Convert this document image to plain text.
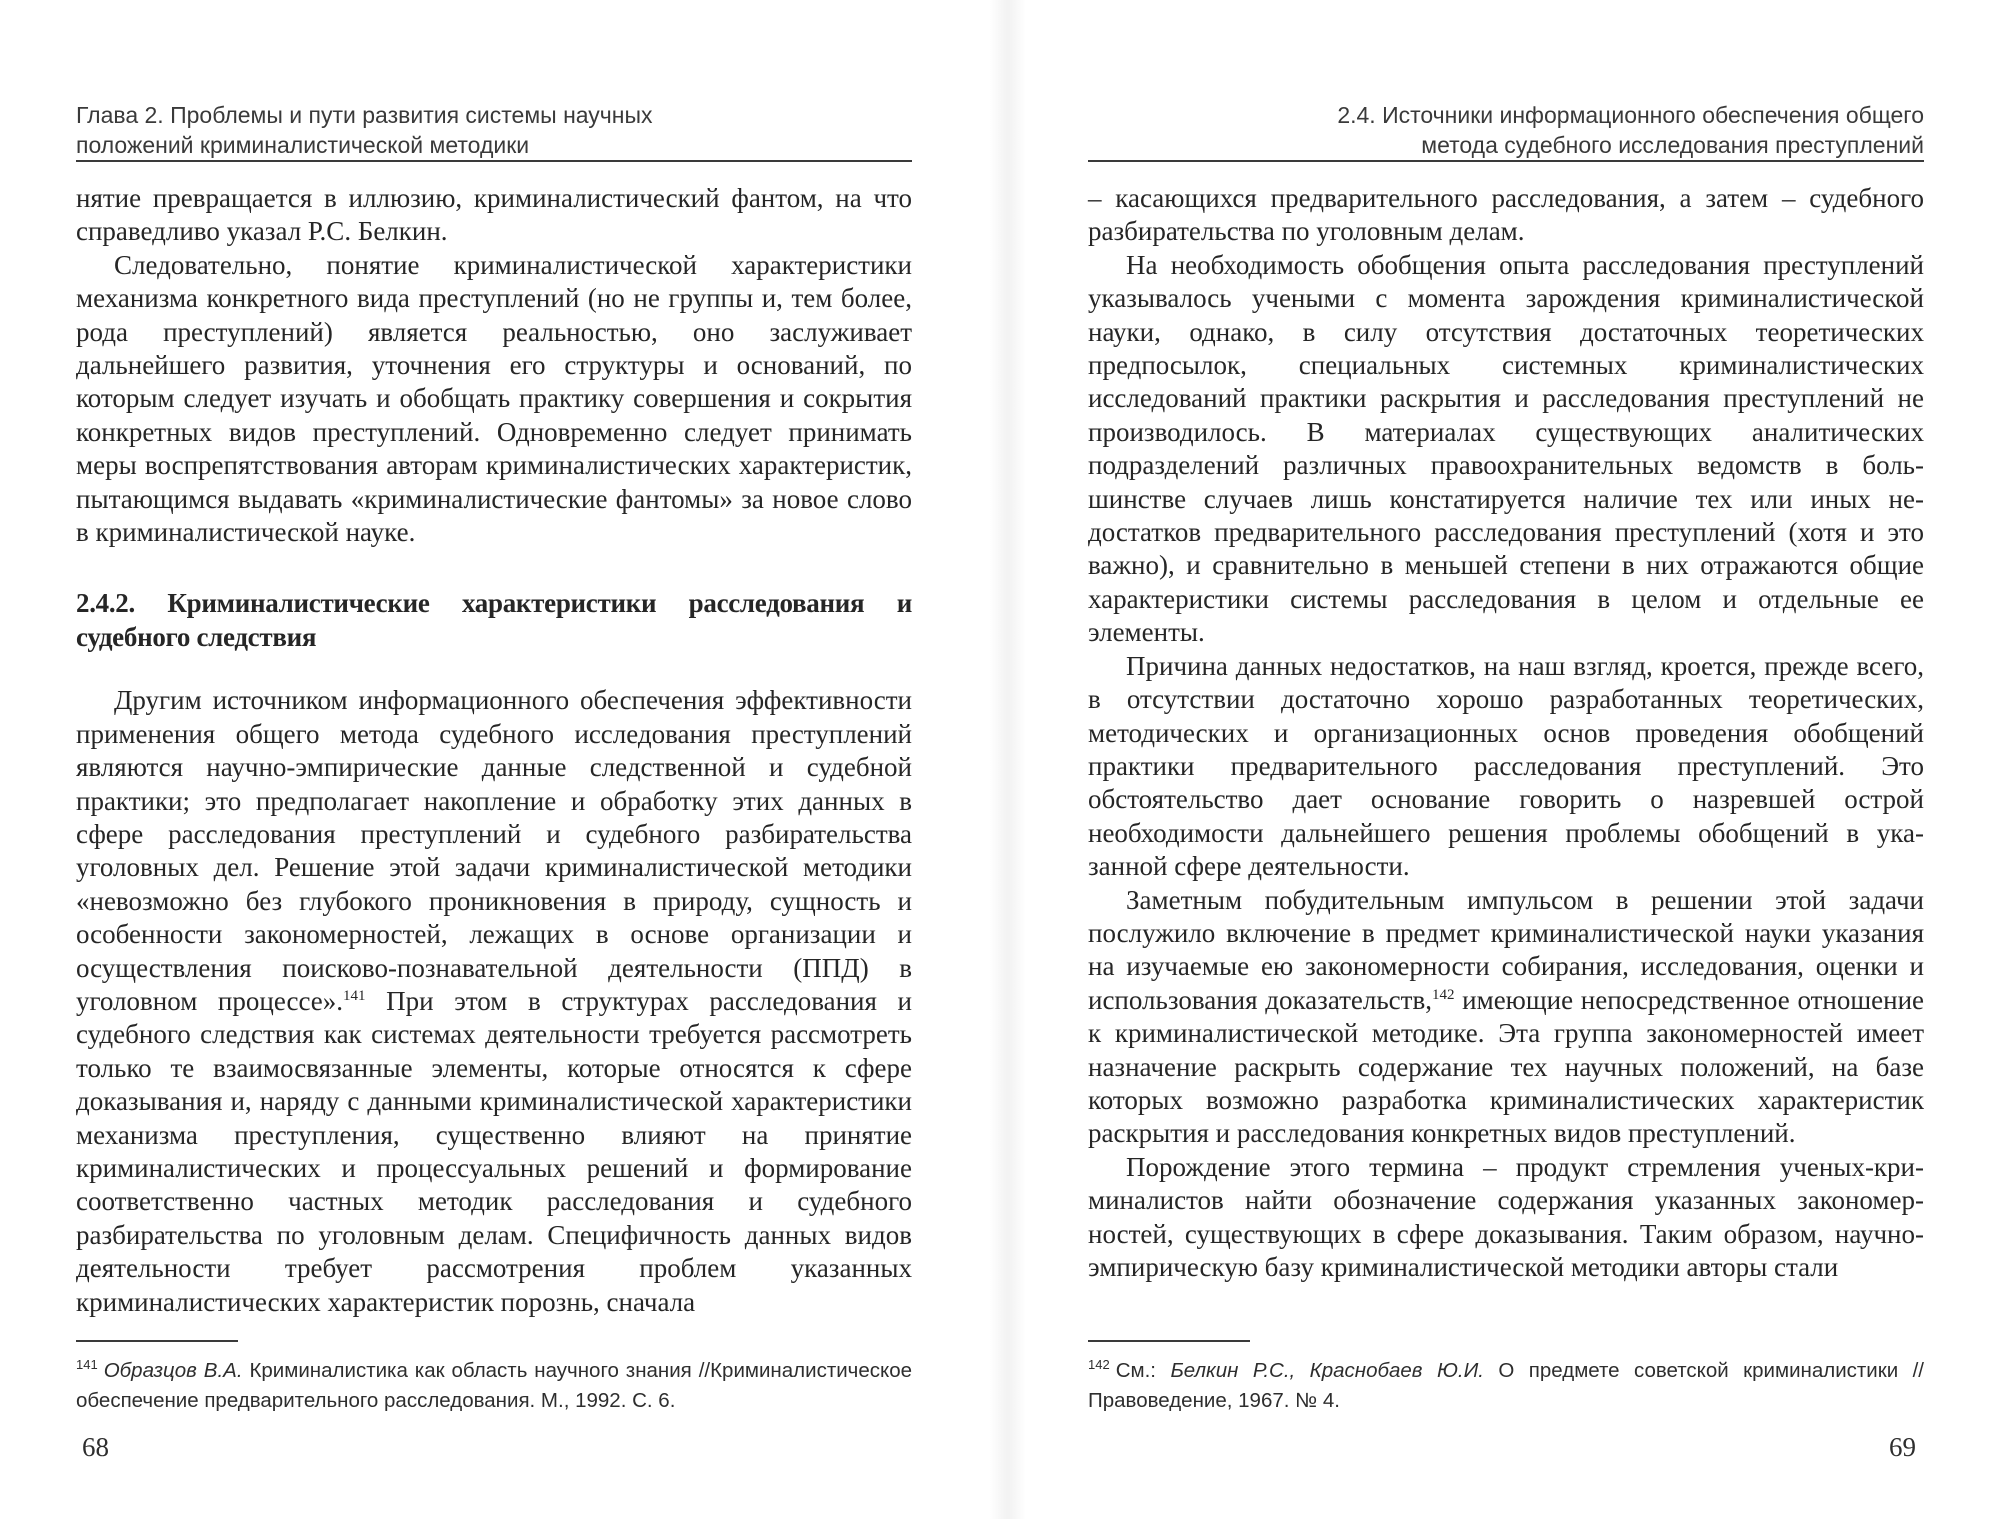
Глава 2. Проблемы и пути развития системы научных
положений криминалистической методики

нятие превращается в иллюзию, криминалистический фантом, на что справедливо указал Р.С. Белкин.

Следовательно, понятие криминалистической характеристики механизма конкретного вида преступлений (но не группы и, тем более, рода преступлений) является реальностью, оно заслуживает дальнейшего развития, уточнения его структуры и оснований, по которым следует изучать и обобщать практику совершения и сокрытия конкретных видов преступлений. Одновременно следует принимать меры воспрепятствования авторам криминалистических характеристик, пытающимся выдавать «криминалистические фантомы» за новое слово в криминалистической науке.

2.4.2. Криминалистические характеристики расследования и судебного следствия

Другим источником информационного обеспечения эффективности применения общего метода судебного исследования преступлений являются научно-эмпирические данные следственной и судебной практики; это предполагает накопление и обработку этих данных в сфере расследования преступлений и судебного разбирательства уголовных дел. Решение этой задачи криминалистической методики «невозможно без глубокого проникновения в природу, сущность и особенности закономерностей, лежащих в основе организации и осуществления поисково-познавательной деятельности (ППД) в уголовном процессе».$^{141}$ При этом в структурах расследования и судебного следствия как системах деятельности требуется рассмотреть только те взаимосвязанные элементы, которые относятся к сфере доказывания и, наряду с данными криминалистической характеристики механизма преступления, существенно влияют на принятие криминалистических и процессуальных решений и формирование соответственно частных методик расследования и судебного разбирательства по уголовным делам. Специфичность данных видов деятельности требует рассмотрения проблем указанных криминалистических характеристик порознь, сначала

$^{141}$ Образцов В.А. Криминалистика как область научного знания //Криминалистическое обеспечение предварительного расследования. М., 1992. С. 6.
68
2.4. Источники информационного обеспечения общего
метода судебного исследования преступлений

– касающихся предварительного расследования, а затем – судебного разбирательства по уголовным делам.

На необходимость обобщения опыта расследования преступлений указывалось учеными с момента зарождения криминалистической науки, однако, в силу отсутствия достаточных теоретических предпосылок, специальных системных криминалистических исследований практики раскрытия и расследования преступлений не производилось. В материалах существующих аналитических подразделений различных правоохранительных ведомств в большинстве случаев лишь констатируется наличие тех или иных недостатков предварительного расследования преступлений (хотя и это важно), и сравнительно в меньшей степени в них отражаются общие характеристики системы расследования в целом и отдельные ее элементы.

Причина данных недостатков, на наш взгляд, кроется, прежде всего, в отсутствии достаточно хорошо разработанных теоретических, методических и организационных основ проведения обобщений практики предварительного расследования преступлений. Это обстоятельство дает основание говорить о назревшей острой необходимости дальнейшего решения проблемы обобщений в указанной сфере деятельности.

Заметным побудительным импульсом в решении этой задачи послужило включение в предмет криминалистической науки указания на изучаемые ею закономерности собирания, исследования, оценки и использования доказательств,$^{142}$ имеющие непосредственное отношение к криминалистической методике. Эта группа закономерностей имеет назначение раскрыть содержание тех научных положений, на базе которых возможно разработка криминалистических характеристик раскрытия и расследования конкретных видов преступлений.

Порождение этого термина – продукт стремления ученых-криминалистов найти обозначение содержания указанных закономерностей, существующих в сфере доказывания. Таким образом, научно-эмпирическую базу криминалистической методики авторы стали

$^{142}$ См.: Белкин Р.С., Краснобаев Ю.И. О предмете советской криминалистики //Правоведение, 1967. № 4.
69
